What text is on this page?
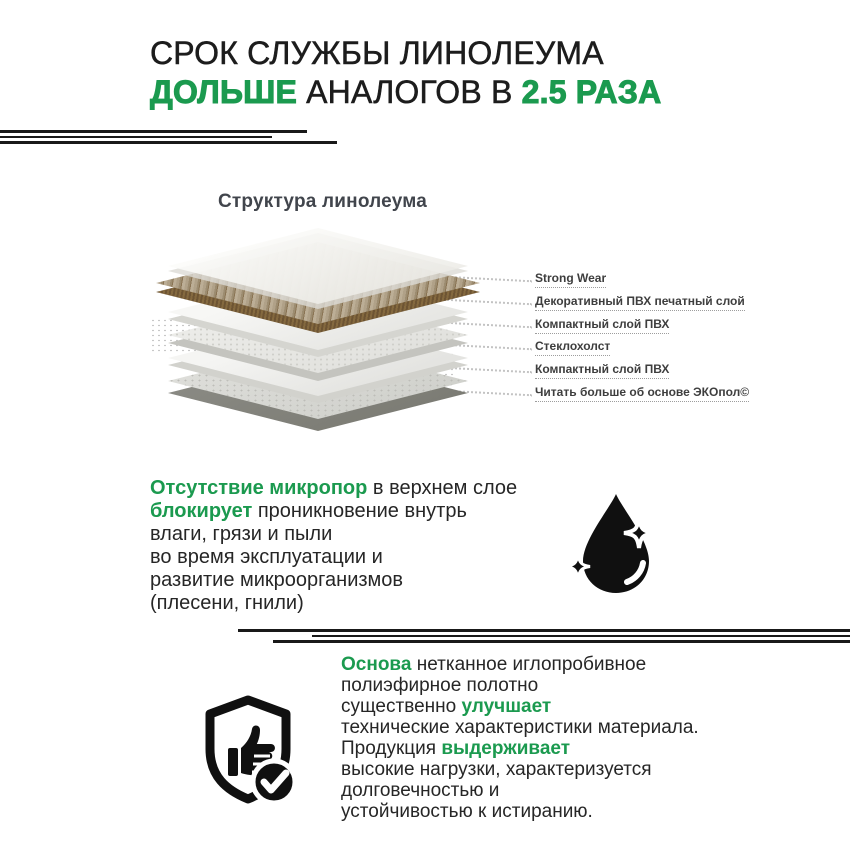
СРОК СЛУЖБЫ ЛИНОЛЕУМА
ДОЛЬШЕ АНАЛОГОВ В 2.5 РАЗА
Структура линолеума
Strong Wear
Декоративный ПВХ печатный слой
Компактный слой ПВХ
Стеклохолст
Компактный слой ПВХ
Читать больше об основе ЭКОпол©
Отсутствие микропор в верхнем слое
блокирует проникновение внутрь
влаги, грязи и пыли
во время эксплуатации и
развитие микроорганизмов
(плесени, гнили)
Основа нетканное иглопробивное
полиэфирное полотно
существенно улучшает
технические характеристики материала.
Продукция выдерживает
высокие нагрузки, характеризуется
долговечностью и
устойчивостью к истиранию.
